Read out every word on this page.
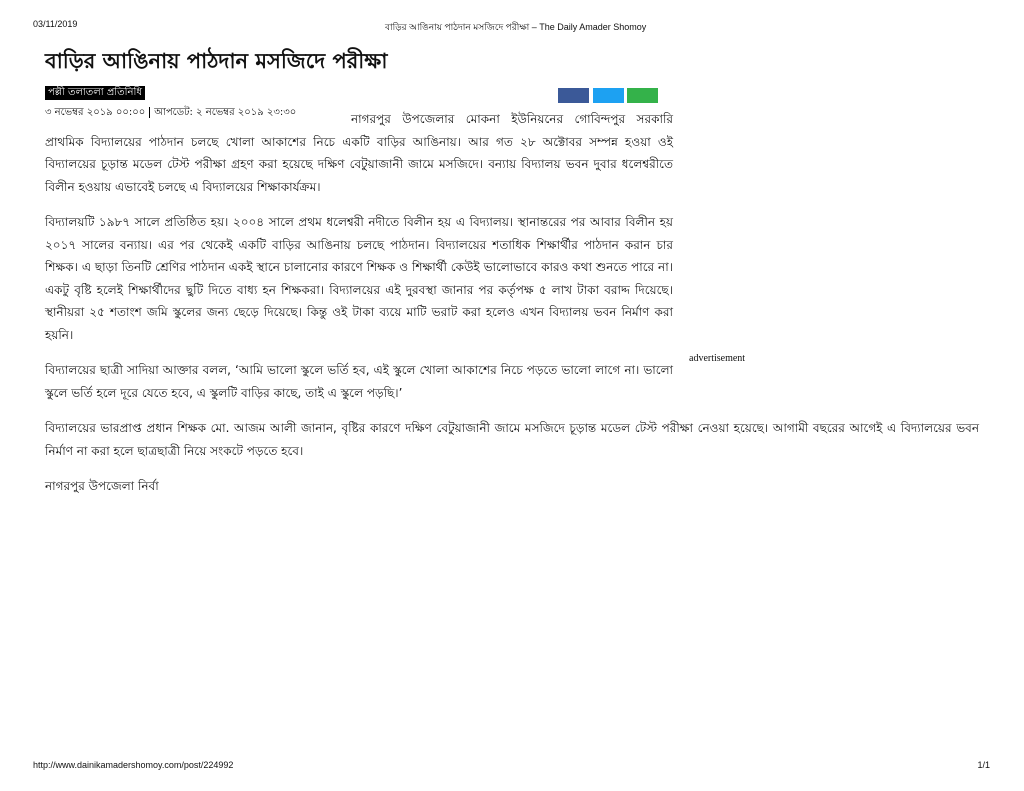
03/11/2019	বাড়ির আঙিনায় পাঠদান মসজিদে পরীক্ষা – The Daily Amader Shomoy
বাড়ির আঙিনায় পাঠদান মসজিদে পরীক্ষা
পল্লী তলাতলা প্রতিনিধি
৩ নভেম্বর ২০১৯ ০০:০০ আপডেট: ২ নভেম্বর ২০১৯ ২৩:৩০	নাগরপুর উপজেলার মোকনা ইউনিয়নের গোবিন্দপুর সরকারি প্রাথমিক বিদ্যালয়ের পাঠদান চলছে খোলা আকাশের নিচে একটি বাড়ির আঙিনায়। আর গত ২৮ অক্টোবর সম্পন্ন হওয়া ওই বিদ্যালয়ের চূড়ান্ত মডেল টেস্ট পরীক্ষা গ্রহণ করা হয়েছে দক্ষিণ বেটুয়াজানী জামে মসজিদে। বন্যায় বিদ্যালয় ভবন দুবার ধলেশ্বরীতে বিলীন হওয়ায় এভাবেই চলছে এ বিদ্যালয়ের শিক্ষাকার্যক্রম।

বিদ্যালয়টি ১৯৮৭ সালে প্রতিষ্ঠিত হয়। ২০০৪ সালে প্রথম ধলেশ্বরী নদীতে বিলীন হয় এ বিদ্যালয়। স্থানান্তরের পর আবার বিলীন হয় ২০১৭ সালের বন্যায়। এর পর থেকেই একটি বাড়ির আঙিনায় চলছে পাঠদান। বিদ্যালয়ের শতাধিক শিক্ষার্থীর পাঠদান করান চার শিক্ষক। এ ছাড়া তিনটি শ্রেণির পাঠদান একই স্থানে চালানোর কারণে শিক্ষক ও শিক্ষার্থী কেউই ভালোভাবে কারও কথা শুনতে পারে না। একটু বৃষ্টি হলেই শিক্ষার্থীদের ছুটি দিতে বাধ্য হন শিক্ষকরা। বিদ্যালয়ের এই দুরবস্থা জানার পর কর্তৃপক্ষ ৫ লাখ টাকা বরাদ্দ দিয়েছে। স্থানীয়রা ২৫ শতাংশ জমি স্কুলের জন্য ছেড়ে দিয়েছে। কিন্তু ওই টাকা ব্যয়ে মাটি ভরাট করা হলেও এখন বিদ্যালয় ভবন নির্মাণ করা হয়নি।

বিদ্যালয়ের ছাত্রী সাদিয়া আক্তার বলল, ‘আমি ভালো স্কুলে ভর্তি হব, এই স্কুলে খোলা আকাশের নিচে পড়তে ভালো লাগে না। ভালো স্কুলে ভর্তি হলে দূরে যেতে হবে, এ স্কুলটি বাড়ির কাছে, তাই এ স্কুলে পড়ছি।’

বিদ্যালয়ের ভারপ্রাপ্ত প্রধান শিক্ষক মো. আজম আলী জানান, বৃষ্টির কারণে দক্ষিণ বেটুয়াজানী জামে মসজিদে চূড়ান্ত মডেল টেস্ট পরীক্ষা নেওয়া হয়েছে। আগামী বছরের আগেই এ বিদ্যালয়ের ভবন নির্মাণ না করা হলে ছাত্রছাত্রী নিয়ে সংকটে পড়তে হবে।

নাগরপুর উপজেলা নির্বা

advertisement
http://www.dainikamadershomoy.com/post/224992	1/1
